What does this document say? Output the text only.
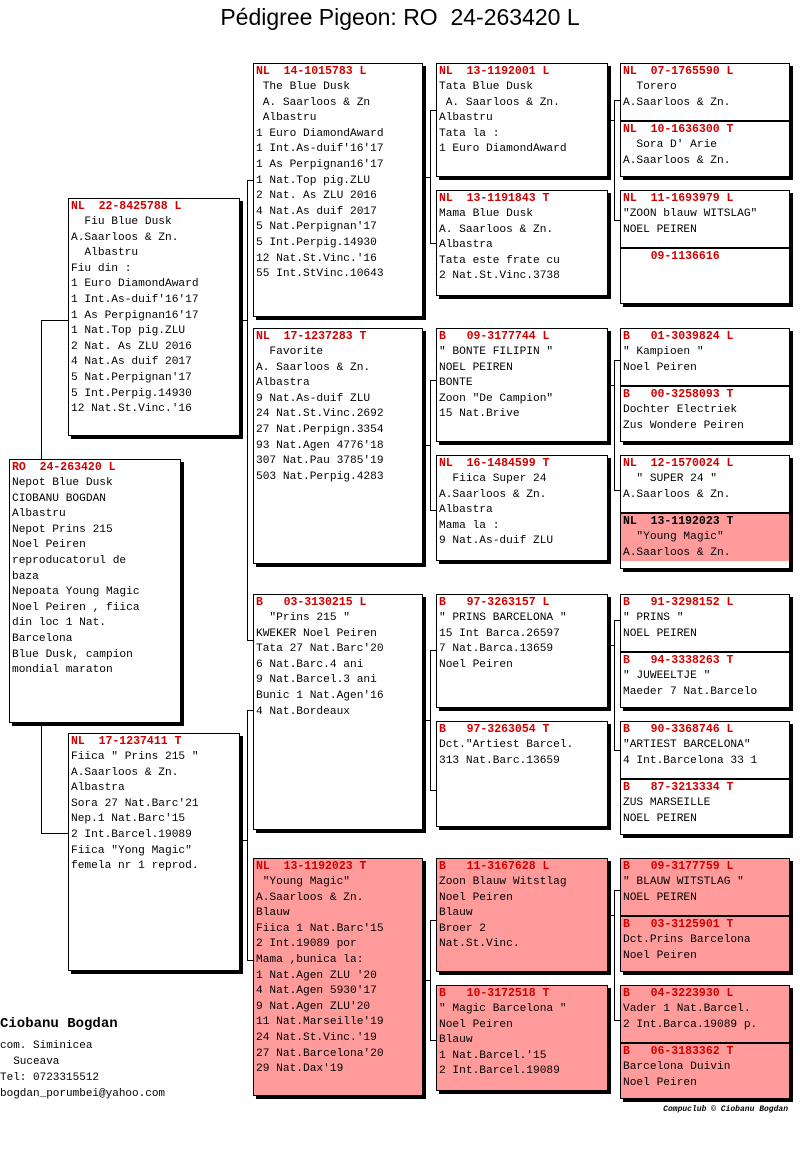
Pédigree Pigeon: RO  24-263420 L
RO  24-263420 L
Nepot Blue Dusk
CIOBANU BOGDAN
Albastru
Nepot Prins 215
Noel Peiren
reproducatorul de
baza
Nepoata Young Magic
Noel Peiren , fiica
din loc 1 Nat.
Barcelona
Blue Dusk, campion
mondial maraton
NL  22-8425788 L
Fiu Blue Dusk
A.Saarloos & Zn.
Albastru
Fiu din :
1 Euro DiamondAward
1 Int.As-duif'16'17
1 As Perpignan16'17
1 Nat.Top pig.ZLU
2 Nat. As ZLU 2016
4 Nat.As duif 2017
5 Nat.Perpignan'17
5 Int.Perpig.14930
12 Nat.St.Vinc.'16
NL  17-1237411 T
Fiica " Prins 215 "
A.Saarloos & Zn.
Albastra
Sora 27 Nat.Barc'21
Nep.1 Nat.Barc'15
2 Int.Barcel.19089
Fiica "Yong Magic"
femela nr 1 reprod.
NL  14-1015783 L
The Blue Dusk
A. Saarloos & Zn
Albastru
1 Euro DiamondAward
1 Int.As-duif'16'17
1 As Perpignan16'17
1 Nat.Top pig.ZLU
2 Nat. As ZLU 2016
4 Nat.As duif 2017
5 Nat.Perpignan'17
5 Int.Perpig.14930
12 Nat.St.Vinc.'16
55 Int.StVinc.10643
NL  17-1237283 T
Favorite
A. Saarloos & Zn.
Albastra
9 Nat.As-duif ZLU
24 Nat.St.Vinc.2692
27 Nat.Perpign.3354
93 Nat.Agen 4776'18
307 Nat.Pau 3785'19
503 Nat.Perpig.4283
B   03-3130215 L
"Prins 215 "
KWEKER Noel Peiren
Tata 27 Nat.Barc'20
6 Nat.Barc.4 ani
9 Nat.Barcel.3 ani
Bunic 1 Nat.Agen'16
4 Nat.Bordeaux
NL  13-1192023 T
"Young Magic"
A.Saarloos & Zn.
Blauw
Fiica 1 Nat.Barc'15
2 Int.19089 por
Mama ,bunica la:
1 Nat.Agen ZLU '20
4 Nat.Agen 5930'17
9 Nat.Agen ZLU'20
11 Nat.Marseille'19
24 Nat.St.Vinc.'19
27 Nat.Barcelona'20
29 Nat.Dax'19
NL  13-1192001 L
Tata Blue Dusk
A. Saarloos & Zn.
Albastru
Tata la :
1 Euro DiamondAward
NL  13-1191843 T
Mama Blue Dusk
A. Saarloos & Zn.
Albastra
Tata este frate cu
2 Nat.St.Vinc.3738
B   09-3177744 L
" BONTE FILIPIN "
NOEL PEIREN
BONTE
Zoon "De Campion"
15 Nat.Brive
NL  16-1484599 T
Fiica Super 24
A.Saarloos & Zn.
Albastra
Mama la :
9 Nat.As-duif ZLU
B   97-3263157 L
" PRINS BARCELONA "
15 Int Barca.26597
7 Nat.Barca.13659
Noel Peiren
B   97-3263054 T
Dct."Artiest Barcel.
313 Nat.Barc.13659
B   11-3167628 L
Zoon Blauw Witstlag
Noel Peiren
Blauw
Broer 2
Nat.St.Vinc.
B   10-3172518 T
" Magic Barcelona "
Noel Peiren
Blauw
1 Nat.Barcel.'15
2 Int.Barcel.19089
NL  07-1765590 L
Torero
A.Saarloos & Zn.
NL  10-1636300 T
Sora D' Arie
A.Saarloos & Zn.
NL  11-1693979 L
"ZOON blauw WITSLAG"
NOEL PEIREN
09-1136616
B   01-3039824 L
" Kampioen "
Noel Peiren
B   00-3258093 T
Dochter Electriek
Zus Wondere Peiren
NL  12-1570024 L
" SUPER 24 "
A.Saarloos & Zn.
NL  13-1192023 T
"Young Magic"
A.Saarloos & Zn.
B   91-3298152 L
" PRINS "
NOEL PEIREN
B   94-3338263 T
" JUWEELTJE "
Maeder 7 Nat.Barcelo
B   90-3368746 L
"ARTIEST BARCELONA"
4 Int.Barcelona 33 1
B   87-3213334 T
ZUS MARSEILLE
NOEL PEIREN
B   09-3177759 L
" BLAUW WITSTLAG "
NOEL PEIREN
B   03-3125901 T
Dct.Prins Barcelona
Noel Peiren
B   04-3223930 L
Vader 1 Nat.Barcel.
2 Int.Barca.19089 p.
B   06-3183362 T
Barcelona Duivin
Noel Peiren
Ciobanu Bogdan
com. Siminicea
Suceava
Tel: 0723315512
bogdan_porumbei@yahoo.com
Compuclub © Ciobanu Bogdan
